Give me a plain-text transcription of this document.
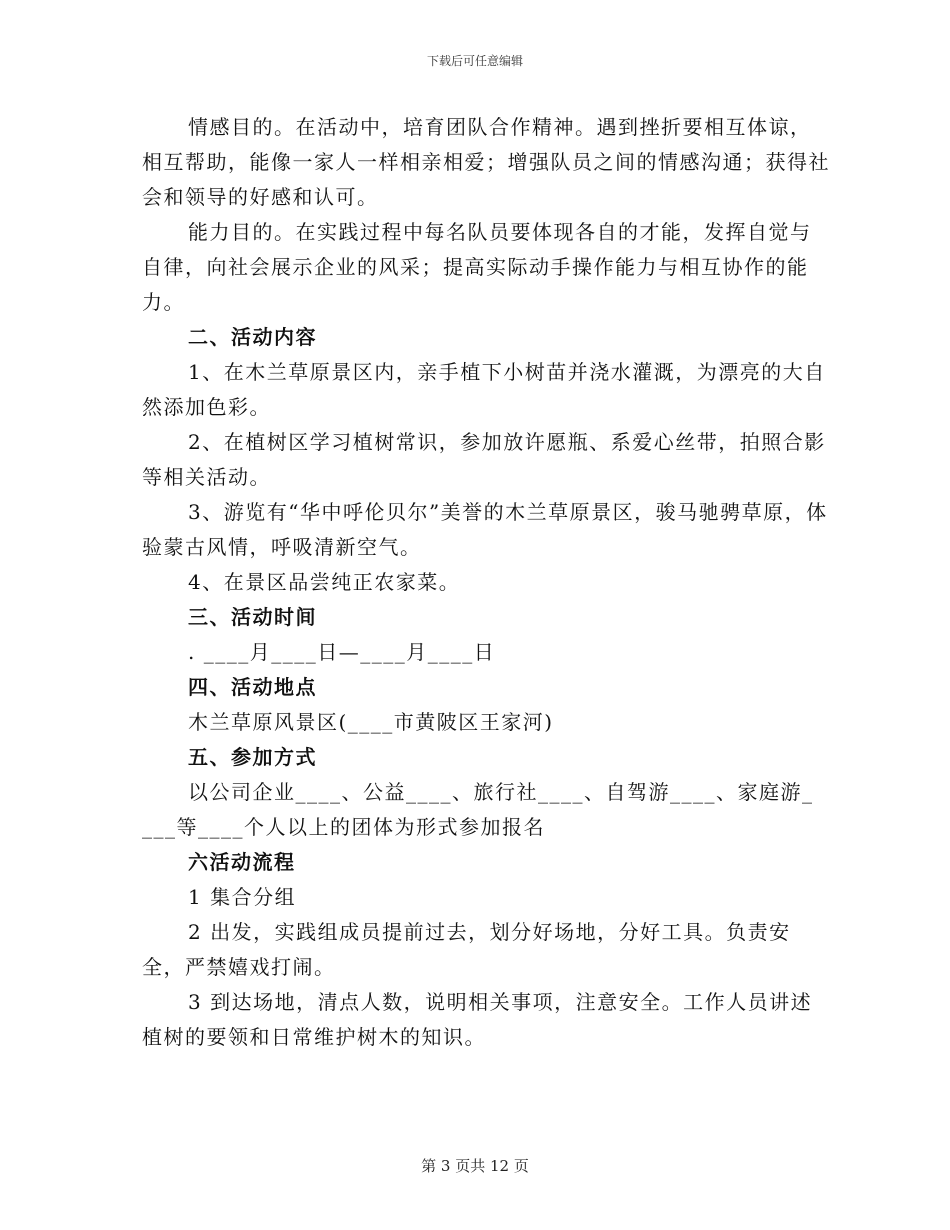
下载后可任意编辑

情感目的。在活动中，培育团队合作精神。遇到挫折要相互体谅，相互帮助，能像一家人一样相亲相爱；增强队员之间的情感沟通；获得社会和领导的好感和认可。

能力目的。在实践过程中每名队员要体现各自的才能，发挥自觉与自律，向社会展示企业的风采；提高实际动手操作能力与相互协作的能力。

二、活动内容

1、在木兰草原景区内，亲手植下小树苗并浇水灌溉，为漂亮的大自然添加色彩。

2、在植树区学习植树常识，参加放许愿瓶、系爱心丝带，拍照合影等相关活动。

3、游览有“华中呼伦贝尔”美誉的木兰草原景区，骏马驰骋草原，体验蒙古风情，呼吸清新空气。

4、在景区品尝纯正农家菜。

三、活动时间

. ____月____日—____月____日

四、活动地点

木兰草原风景区(____市黄陂区王家河)

五、参加方式

以公司企业____、公益____、旅行社____、自驾游____、家庭游_ ___等____个人以上的团体为形式参加报名

六活动流程

1 集合分组

2 出发，实践组成员提前过去，划分好场地，分好工具。负责安全，严禁嬉戏打闹。

3 到达场地，清点人数，说明相关事项，注意安全。工作人员讲述植树的要领和日常维护树木的知识。

第 3 页共 12 页
